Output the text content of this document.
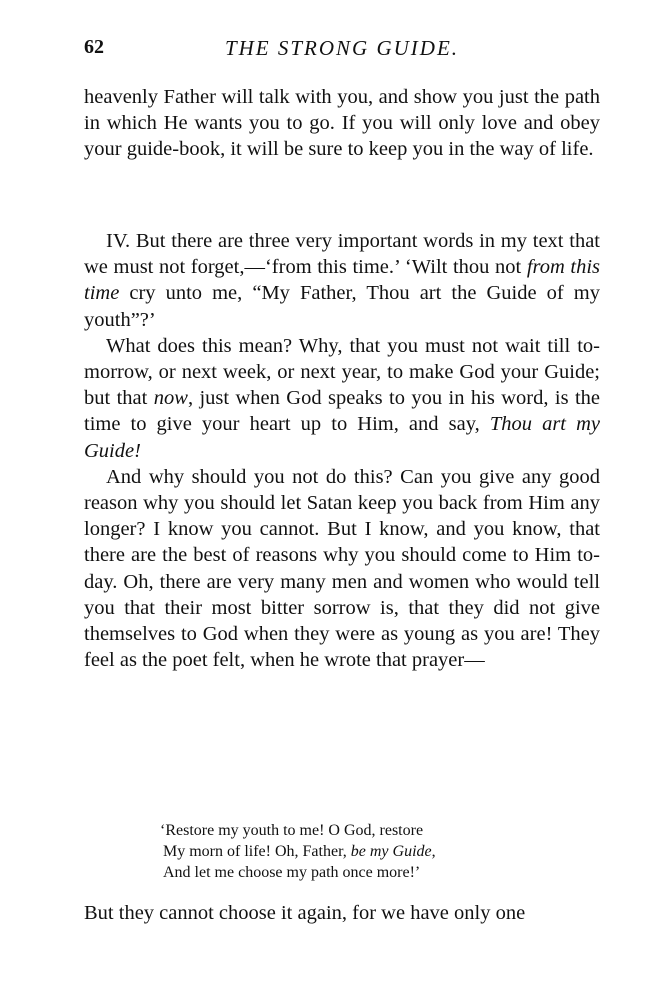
62	THE STRONG GUIDE.

heavenly Father will talk with you, and show you just the path in which He wants you to go. If you will only love and obey your guide-book, it will be sure to keep you in the way of life.

IV. But there are three very important words in my text that we must not forget,—‘from this time.’ ‘Wilt thou not from this time cry unto me, “My Father, Thou art the Guide of my youth”?’

What does this mean? Why, that you must not wait till to-morrow, or next week, or next year, to make God your Guide; but that now, just when God speaks to you in his word, is the time to give your heart up to Him, and say, Thou art my Guide!

And why should you not do this? Can you give any good reason why you should let Satan keep you back from Him any longer? I know you cannot. But I know, and you know, that there are the best of reasons why you should come to Him to-day. Oh, there are very many men and women who would tell you that their most bitter sorrow is, that they did not give themselves to God when they were as young as you are! They feel as the poet felt, when he wrote that prayer—

‘Restore my youth to me! O God, restore
My morn of life! Oh, Father, be my Guide,
And let me choose my path once more!’

But they cannot choose it again, for we have only one
